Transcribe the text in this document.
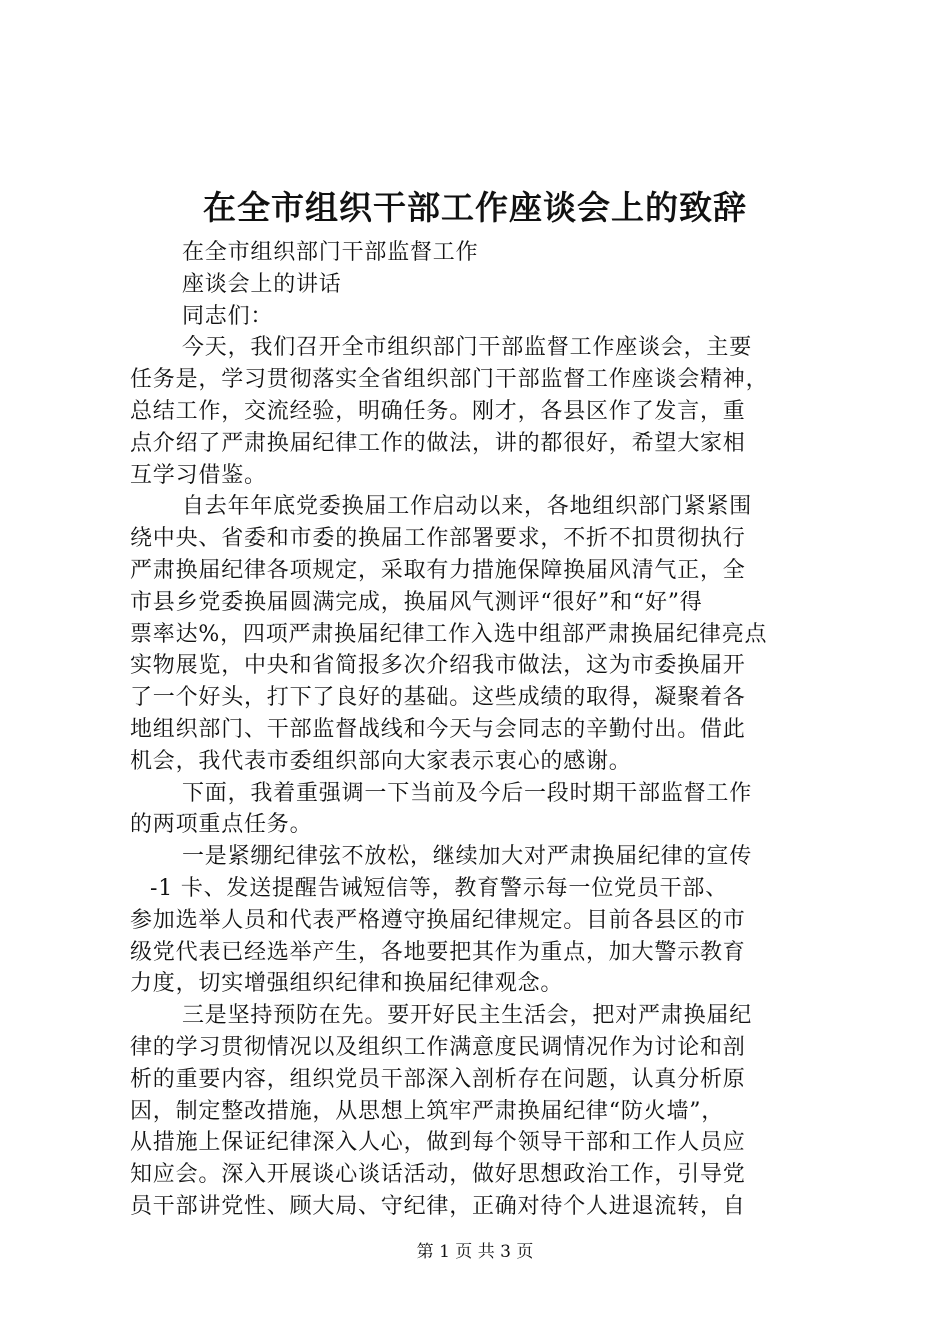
在全市组织干部工作座谈会上的致辞
在全市组织部门干部监督工作
座谈会上的讲话
同志们：
今天，我们召开全市组织部门干部监督工作座谈会，主要
任务是，学习贯彻落实全省组织部门干部监督工作座谈会精神，
总结工作，交流经验，明确任务。刚才，各县区作了发言，重
点介绍了严肃换届纪律工作的做法，讲的都很好，希望大家相
互学习借鉴。
自去年年底党委换届工作启动以来，各地组织部门紧紧围
绕中央、省委和市委的换届工作部署要求，不折不扣贯彻执行
严肃换届纪律各项规定，采取有力措施保障换届风清气正，全
市县乡党委换届圆满完成，换届风气测评“很好”和“好”得
票率达%，四项严肃换届纪律工作入选中组部严肃换届纪律亮点
实物展览，中央和省简报多次介绍我市做法，这为市委换届开
了一个好头，打下了良好的基础。这些成绩的取得，凝聚着各
地组织部门、干部监督战线和今天与会同志的辛勤付出。借此
机会，我代表市委组织部向大家表示衷心的感谢。
下面，我着重强调一下当前及今后一段时期干部监督工作
的两项重点任务。
一是紧绷纪律弦不放松，继续加大对严肃换届纪律的宣传
-1 卡、发送提醒告诫短信等，教育警示每一位党员干部、
参加选举人员和代表严格遵守换届纪律规定。目前各县区的市
级党代表已经选举产生，各地要把其作为重点，加大警示教育
力度，切实增强组织纪律和换届纪律观念。
三是坚持预防在先。要开好民主生活会，把对严肃换届纪
律的学习贯彻情况以及组织工作满意度民调情况作为讨论和剖
析的重要内容，组织党员干部深入剖析存在问题，认真分析原
因，制定整改措施，从思想上筑牢严肃换届纪律“防火墙”，
从措施上保证纪律深入人心，做到每个领导干部和工作人员应
知应会。深入开展谈心谈话活动，做好思想政治工作，引导党
员干部讲党性、顾大局、守纪律，正确对待个人进退流转，自
第 1 页 共 3 页
